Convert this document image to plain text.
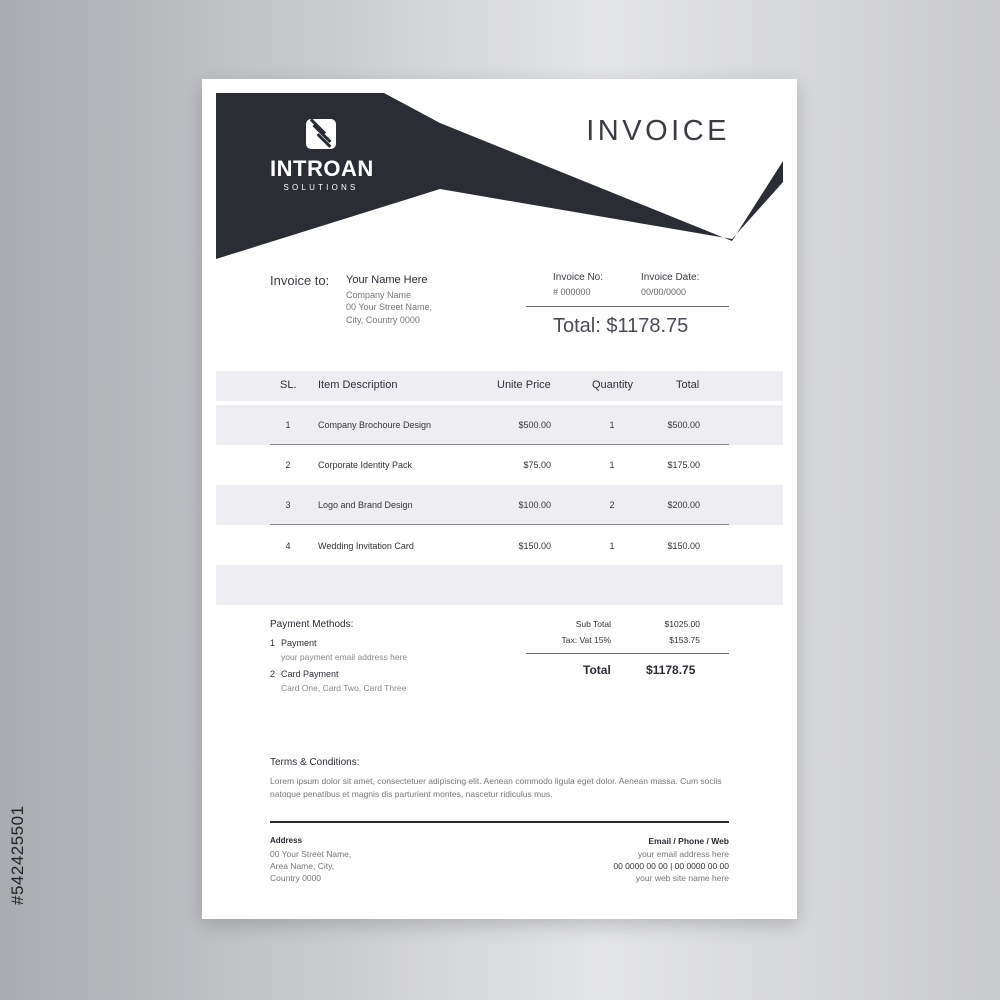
#542425501
INTROAN
SOLUTIONS
INVOICE
Invoice to: Your Name Here
Company Name
00 Your Street Name,
City, Country 0000
Invoice No:
# 000000
Invoice Date:
00/00/0000
Total: $1178.75
SL. Item Description	Unite Price	Quantity	Total
1	Company Brochoure Design	$500.00	1	$500.00
2	Corporate Identity Pack	$75.00	1	$175.00
3	Logo and Brand Design	$100.00	2	$200.00
4	Wedding Invitation Card	$150.00	1	$150.00
Payment Methods:
1 Payment
your payment email address here
2 Card Payment
Card One, Card Two, Card Three
Sub Total	$1025.00
Tax: Vat 15%	$153.75
Total	$1178.75
Terms & Conditions:
Lorem ipsum dolor sit amet, consectetuer adipiscing elit. Aenean commodo ligula eget dolor. Aenean massa. Cum sociis natoque penatibus et magnis dis parturient montes, nascetur ridiculus mus.
Address
00 Your Street Name,
Area Name, City,
Country 0000
Email / Phone / Web
your email address here
00 0000 00 00 | 00 0000 00 00
your web site name here
